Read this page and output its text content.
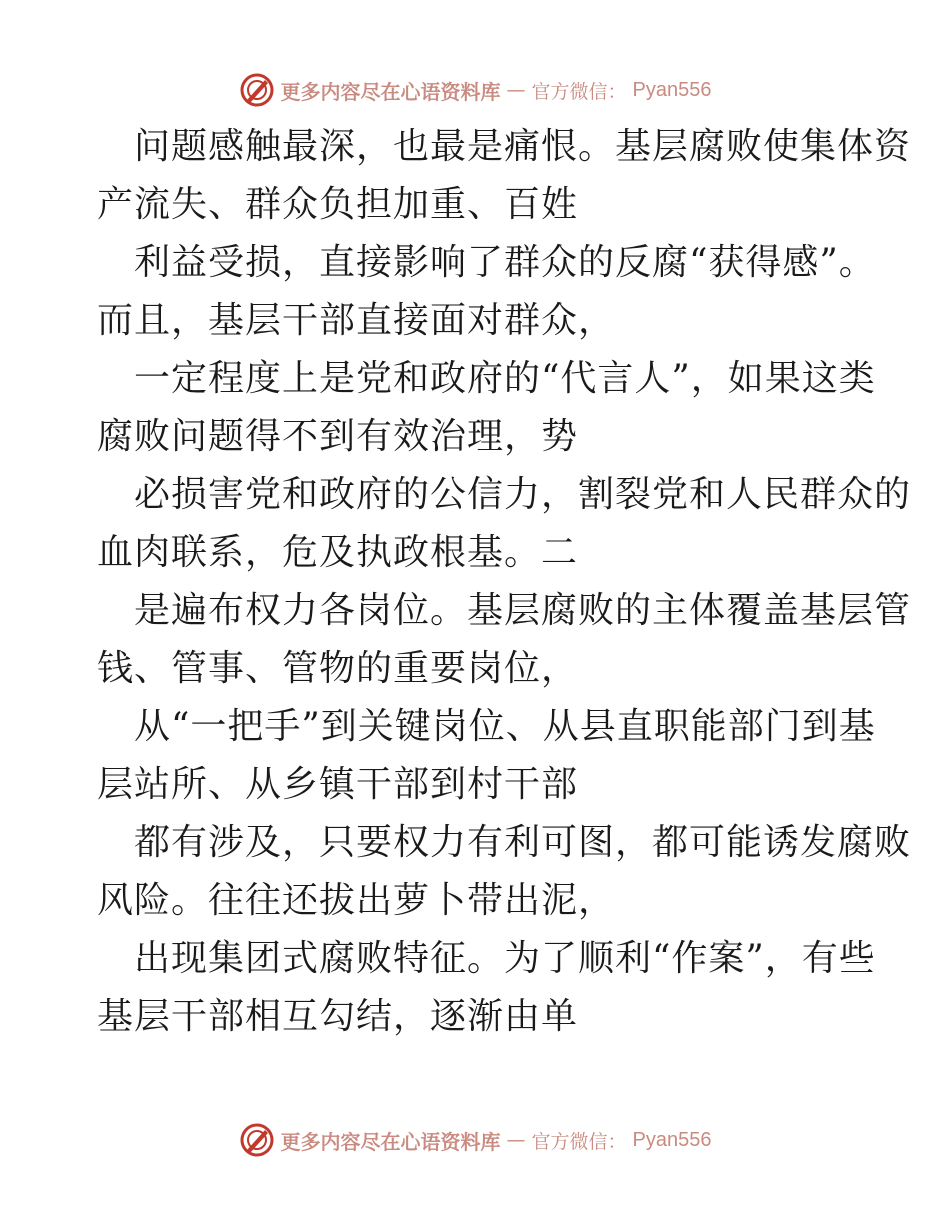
更多内容尽在心语资料库 — 官方微信： Pyan556
问题感触最深，也最是痛恨。基层腐败使集体资
产流失、群众负担加重、百姓
利益受损，直接影响了群众的反腐“获得感”。
而且，基层干部直接面对群众，
一定程度上是党和政府的“代言人”，如果这类
腐败问题得不到有效治理，势
必损害党和政府的公信力，割裂党和人民群众的
血肉联系，危及执政根基。二
是遍布权力各岗位。基层腐败的主体覆盖基层管
钱、管事、管物的重要岗位，
从“一把手”到关键岗位、从县直职能部门到基
层站所、从乡镇干部到村干部
都有涉及，只要权力有利可图，都可能诱发腐败
风险。往往还拔出萝卜带出泥，
出现集团式腐败特征。为了顺利“作案”，有些
基层干部相互勾结，逐渐由单
更多内容尽在心语资料库 — 官方微信： Pyan556
